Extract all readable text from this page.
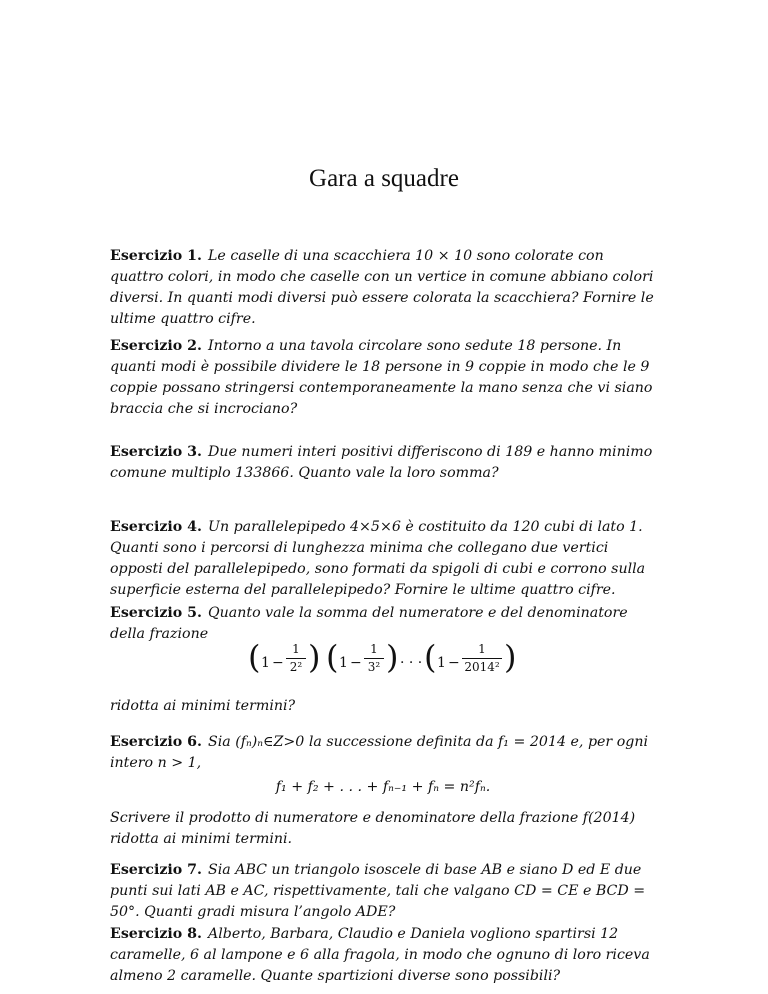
Gara a squadre

Esercizio 1. Le caselle di una scacchiera 10 × 10 sono colorate con quattro colori, in modo che caselle con un vertice in comune abbiano colori diversi. In quanti modi diversi può essere colorata la scacchiera? Fornire le ultime quattro cifre.

Esercizio 2. Intorno a una tavola circolare sono sedute 18 persone. In quanti modi è possibile dividere le 18 persone in 9 coppie in modo che le 9 coppie possano stringersi contemporaneamente la mano senza che vi siano braccia che si incrociano?

Esercizio 3. Due numeri interi positivi differiscono di 189 e hanno minimo comune multiplo 133866. Quanto vale la loro somma?

Esercizio 4. Un parallelepipedo 4×5×6 è costituito da 120 cubi di lato 1. Quanti sono i percorsi di lunghezza minima che collegano due vertici opposti del parallelepipedo, sono formati da spigoli di cubi e corrono sulla superficie esterna del parallelepipedo? Fornire le ultime quattro cifre.

Esercizio 5. Quanto vale la somma del numeratore e del denominatore della frazione

( 1 −
1
2² ) ( 1 −
1
3² ) · · · ( 1 −
1
2014² )

ridotta ai minimi termini?

Esercizio 6. Sia (fₙ)ₙ∈Z>0 la successione definita da f₁ = 2014 e, per ogni intero n > 1,

f₁ + f₂ + . . . + fₙ₋₁ + fₙ = n²fₙ.

Scrivere il prodotto di numeratore e denominatore della frazione f(2014) ridotta ai minimi termini.

Esercizio 7. Sia ABC un triangolo isoscele di base AB e siano D ed E due punti sui lati AB e AC, rispettivamente, tali che valgano CD = CE e BCD = 50°. Quanti gradi misura l’angolo ADE?

Esercizio 8. Alberto, Barbara, Claudio e Daniela vogliono spartirsi 12 caramelle, 6 al lampone e 6 alla fragola, in modo che ognuno di loro riceva almeno 2 caramelle. Quante spartizioni diverse sono possibili?
